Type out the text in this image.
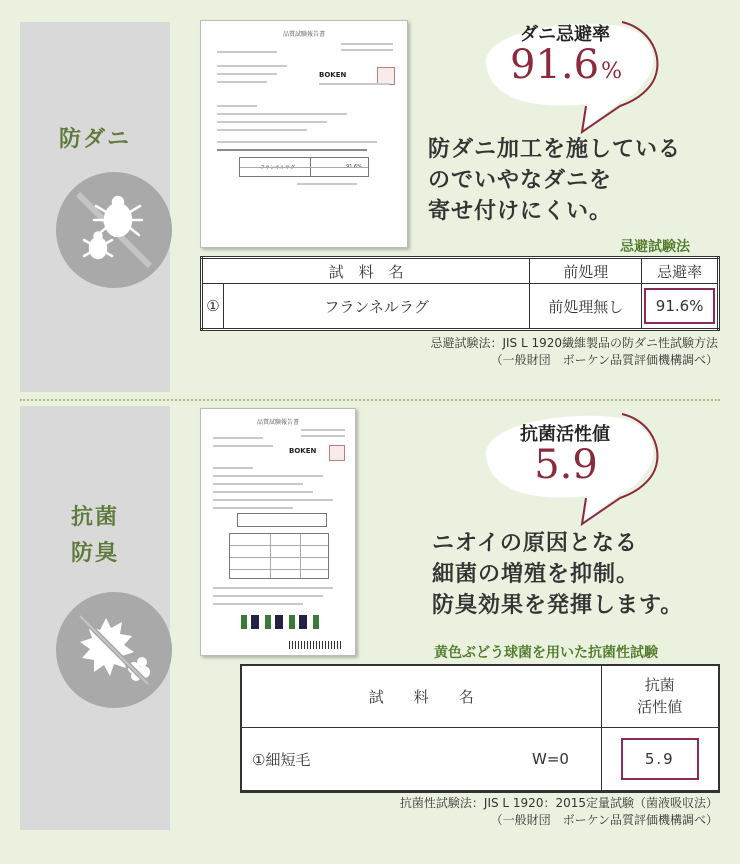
防ダニ
品質試験報告書
BOKEN
フランネルラグ	91.6%
ダニ忌避率
91.6%
防ダニ加工を施している
のでいやなダニを
寄せ付けにくい。
忌避試験法
試　料　名		前処理	忌避率
①	フランネルラグ	前処理無し	91.6%
忌避試験法：JIS L 1920繊維製品の防ダニ性試験方法
（一般財団　ボーケン品質評価機構調べ）
抗菌
防臭
品質試験報告書
BOKEN
抗菌活性値
5.9
ニオイの原因となる
細菌の増殖を抑制。
防臭効果を発揮します。
黄色ぶどう球菌を用いた抗菌性試験
試　　料　　名	抗菌
活性値

①細短毛 W=0	5.9
抗菌性試験法：JIS L 1920：2015定量試験（菌液吸収法）
（一般財団　ボーケン品質評価機構調べ）
